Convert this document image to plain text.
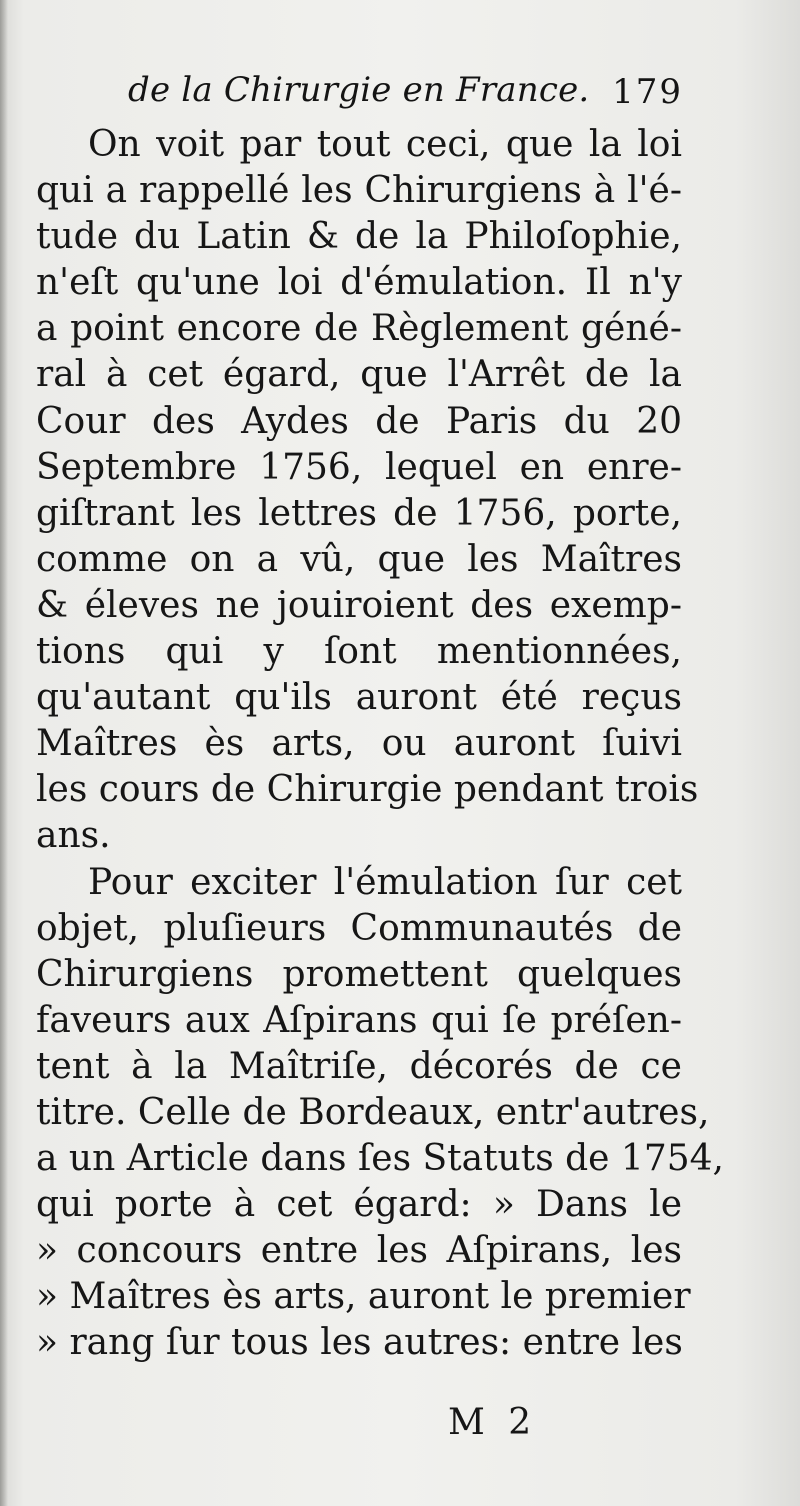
de la Chirurgie en France. 179
On voit par tout ceci, que la loi
qui a rappellé les Chirurgiens à l'é-
tude du Latin & de la Philoſophie,
n'eſt qu'une loi d'émulation. Il n'y
a point encore de Règlement géné-
ral à cet égard, que l'Arrêt de la
Cour des Aydes de Paris du 20
Septembre 1756, lequel en enre-
giſtrant les lettres de 1756, porte,
comme on a vû, que les Maîtres
& éleves ne jouiroient des exemp-
tions qui y ſont mentionnées,
qu'autant qu'ils auront été reçus
Maîtres ès arts, ou auront ſuivi
les cours de Chirurgie pendant trois
ans.
Pour exciter l'émulation ſur cet
objet, pluſieurs Communautés de
Chirurgiens promettent quelques
faveurs aux Aſpirans qui ſe préſen-
tent à la Maîtriſe, décorés de ce
titre. Celle de Bordeaux, entr'autres,
a un Article dans ſes Statuts de 1754,
qui porte à cet égard: » Dans le
» concours entre les Aſpirans, les
» Maîtres ès arts, auront le premier
» rang ſur tous les autres: entre les
M 2
